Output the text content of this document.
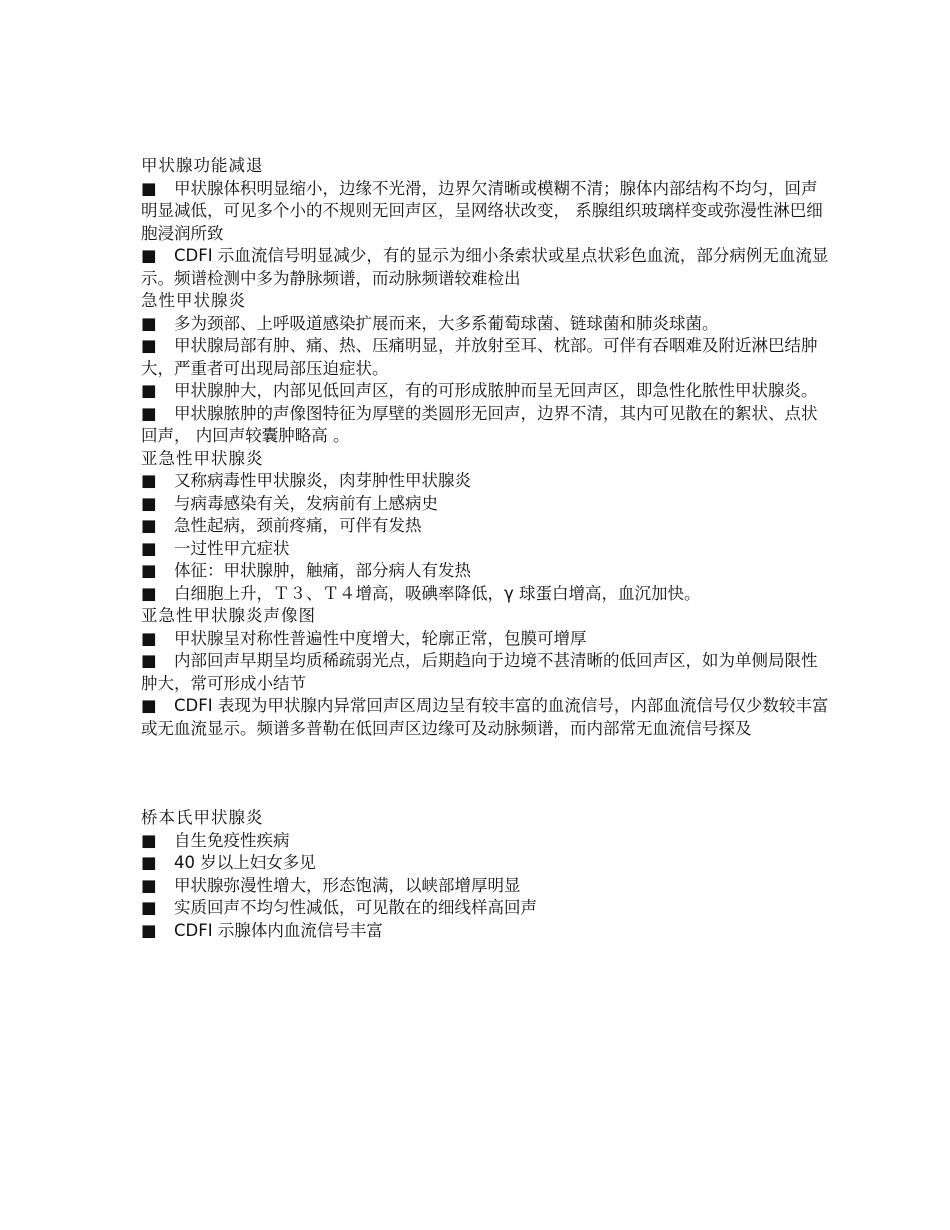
甲状腺功能减退
■ 甲状腺体积明显缩小，边缘不光滑，边界欠清晰或模糊不清；腺体内部结构不均匀，回声明显减低，可见多个小的不规则无回声区，呈网络状改变， 系腺组织玻璃样变或弥漫性淋巴细胞浸润所致
■ CDFI 示血流信号明显减少，有的显示为细小条索状或星点状彩色血流，部分病例无血流显示。频谱检测中多为静脉频谱，而动脉频谱较难检出
急性甲状腺炎
■ 多为颈部、上呼吸道感染扩展而来，大多系葡萄球菌、链球菌和肺炎球菌。
■ 甲状腺局部有肿、痛、热、压痛明显，并放射至耳、枕部。可伴有吞咽难及附近淋巴结肿大，严重者可出现局部压迫症状。
■ 甲状腺肿大，内部见低回声区，有的可形成脓肿而呈无回声区，即急性化脓性甲状腺炎。
■ 甲状腺脓肿的声像图特征为厚壁的类圆形无回声，边界不清，其内可见散在的絮状、点状回声， 内回声较囊肿略高 。
亚急性甲状腺炎
■ 又称病毒性甲状腺炎，肉芽肿性甲状腺炎
■ 与病毒感染有关，发病前有上感病史
■ 急性起病，颈前疼痛，可伴有发热
■ 一过性甲亢症状
■ 体征：甲状腺肿，触痛，部分病人有发热
■ 白细胞上升，Ｔ３、Ｔ４增高，吸碘率降低，γ 球蛋白增高，血沉加快。
亚急性甲状腺炎声像图
■ 甲状腺呈对称性普遍性中度增大，轮廓正常，包膜可增厚
■ 内部回声早期呈均质稀疏弱光点，后期趋向于边境不甚清晰的低回声区，如为单侧局限性肿大，常可形成小结节
■ CDFI 表现为甲状腺内异常回声区周边呈有较丰富的血流信号，内部血流信号仅少数较丰富或无血流显示。频谱多普勒在低回声区边缘可及动脉频谱，而内部常无血流信号探及
桥本氏甲状腺炎
■ 自生免疫性疾病
■ 40 岁以上妇女多见
■ 甲状腺弥漫性增大，形态饱满，以峡部增厚明显
■ 实质回声不均匀性减低，可见散在的细线样高回声
■ CDFI 示腺体内血流信号丰富
